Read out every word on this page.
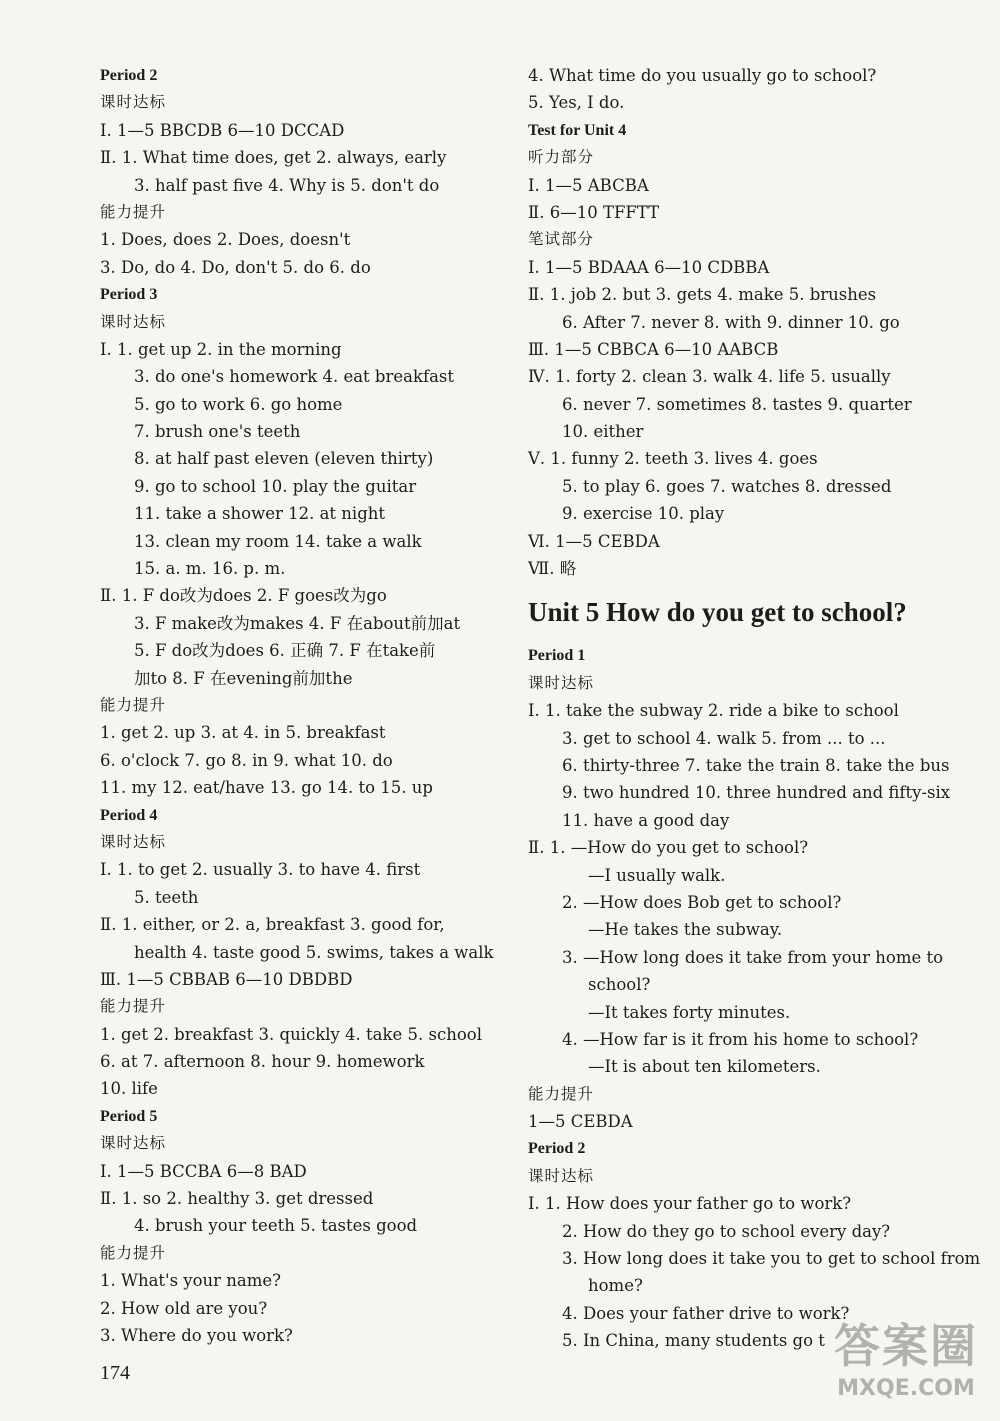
Period 2
课时达标
Ⅰ. 1—5 BBCDB 6—10 DCCAD
Ⅱ. 1. What time does, get 2. always, early
3. half past five 4. Why is 5. don't do
能力提升
1. Does, does 2. Does, doesn't
3. Do, do 4. Do, don't 5. do 6. do
Period 3
课时达标
Ⅰ. 1. get up 2. in the morning
3. do one's homework 4. eat breakfast
5. go to work 6. go home
7. brush one's teeth
8. at half past eleven (eleven thirty)
9. go to school 10. play the guitar
11. take a shower 12. at night
13. clean my room 14. take a walk
15. a. m. 16. p. m.
Ⅱ. 1. F do改为does 2. F goes改为go
3. F make改为makes 4. F 在about前加at
5. F do改为does 6. 正确 7. F 在take前
加to 8. F 在evening前加the
能力提升
1. get 2. up 3. at 4. in 5. breakfast
6. o'clock 7. go 8. in 9. what 10. do
11. my 12. eat/have 13. go 14. to 15. up
Period 4
课时达标
Ⅰ. 1. to get 2. usually 3. to have 4. first
5. teeth
Ⅱ. 1. either, or 2. a, breakfast 3. good for,
health 4. taste good 5. swims, takes a walk
Ⅲ. 1—5 CBBAB 6—10 DBDBD
能力提升
1. get 2. breakfast 3. quickly 4. take 5. school
6. at 7. afternoon 8. hour 9. homework
10. life
Period 5
课时达标
Ⅰ. 1—5 BCCBA 6—8 BAD
Ⅱ. 1. so 2. healthy 3. get dressed
4. brush your teeth 5. tastes good
能力提升
1. What's your name?
2. How old are you?
3. Where do you work?
4. What time do you usually go to school?
5. Yes, I do.
Test for Unit 4
听力部分
Ⅰ. 1—5 ABCBA
Ⅱ. 6—10 TFFTT
笔试部分
Ⅰ. 1—5 BDAAA 6—10 CDBBA
Ⅱ. 1. job 2. but 3. gets 4. make 5. brushes
6. After 7. never 8. with 9. dinner 10. go
Ⅲ. 1—5 CBBCA 6—10 AABCB
Ⅳ. 1. forty 2. clean 3. walk 4. life 5. usually
6. never 7. sometimes 8. tastes 9. quarter
10. either
Ⅴ. 1. funny 2. teeth 3. lives 4. goes
5. to play 6. goes 7. watches 8. dressed
9. exercise 10. play
Ⅵ. 1—5 CEBDA
Ⅶ. 略
Unit 5 How do you get to school?
Period 1
课时达标
Ⅰ. 1. take the subway 2. ride a bike to school
3. get to school 4. walk 5. from ... to ...
6. thirty-three 7. take the train 8. take the bus
9. two hundred 10. three hundred and fifty-six
11. have a good day
Ⅱ. 1. —How do you get to school?
—I usually walk.
2. —How does Bob get to school?
—He takes the subway.
3. —How long does it take from your home to
school?
—It takes forty minutes.
4. —How far is it from his home to school?
—It is about ten kilometers.
能力提升
1—5 CEBDA
Period 2
课时达标
Ⅰ. 1. How does your father go to work?
2. How do they go to school every day?
3. How long does it take you to get to school from
home?
4. Does your father drive to work?
5. In China, many students go t
174	答案圈
MXQE.COM
